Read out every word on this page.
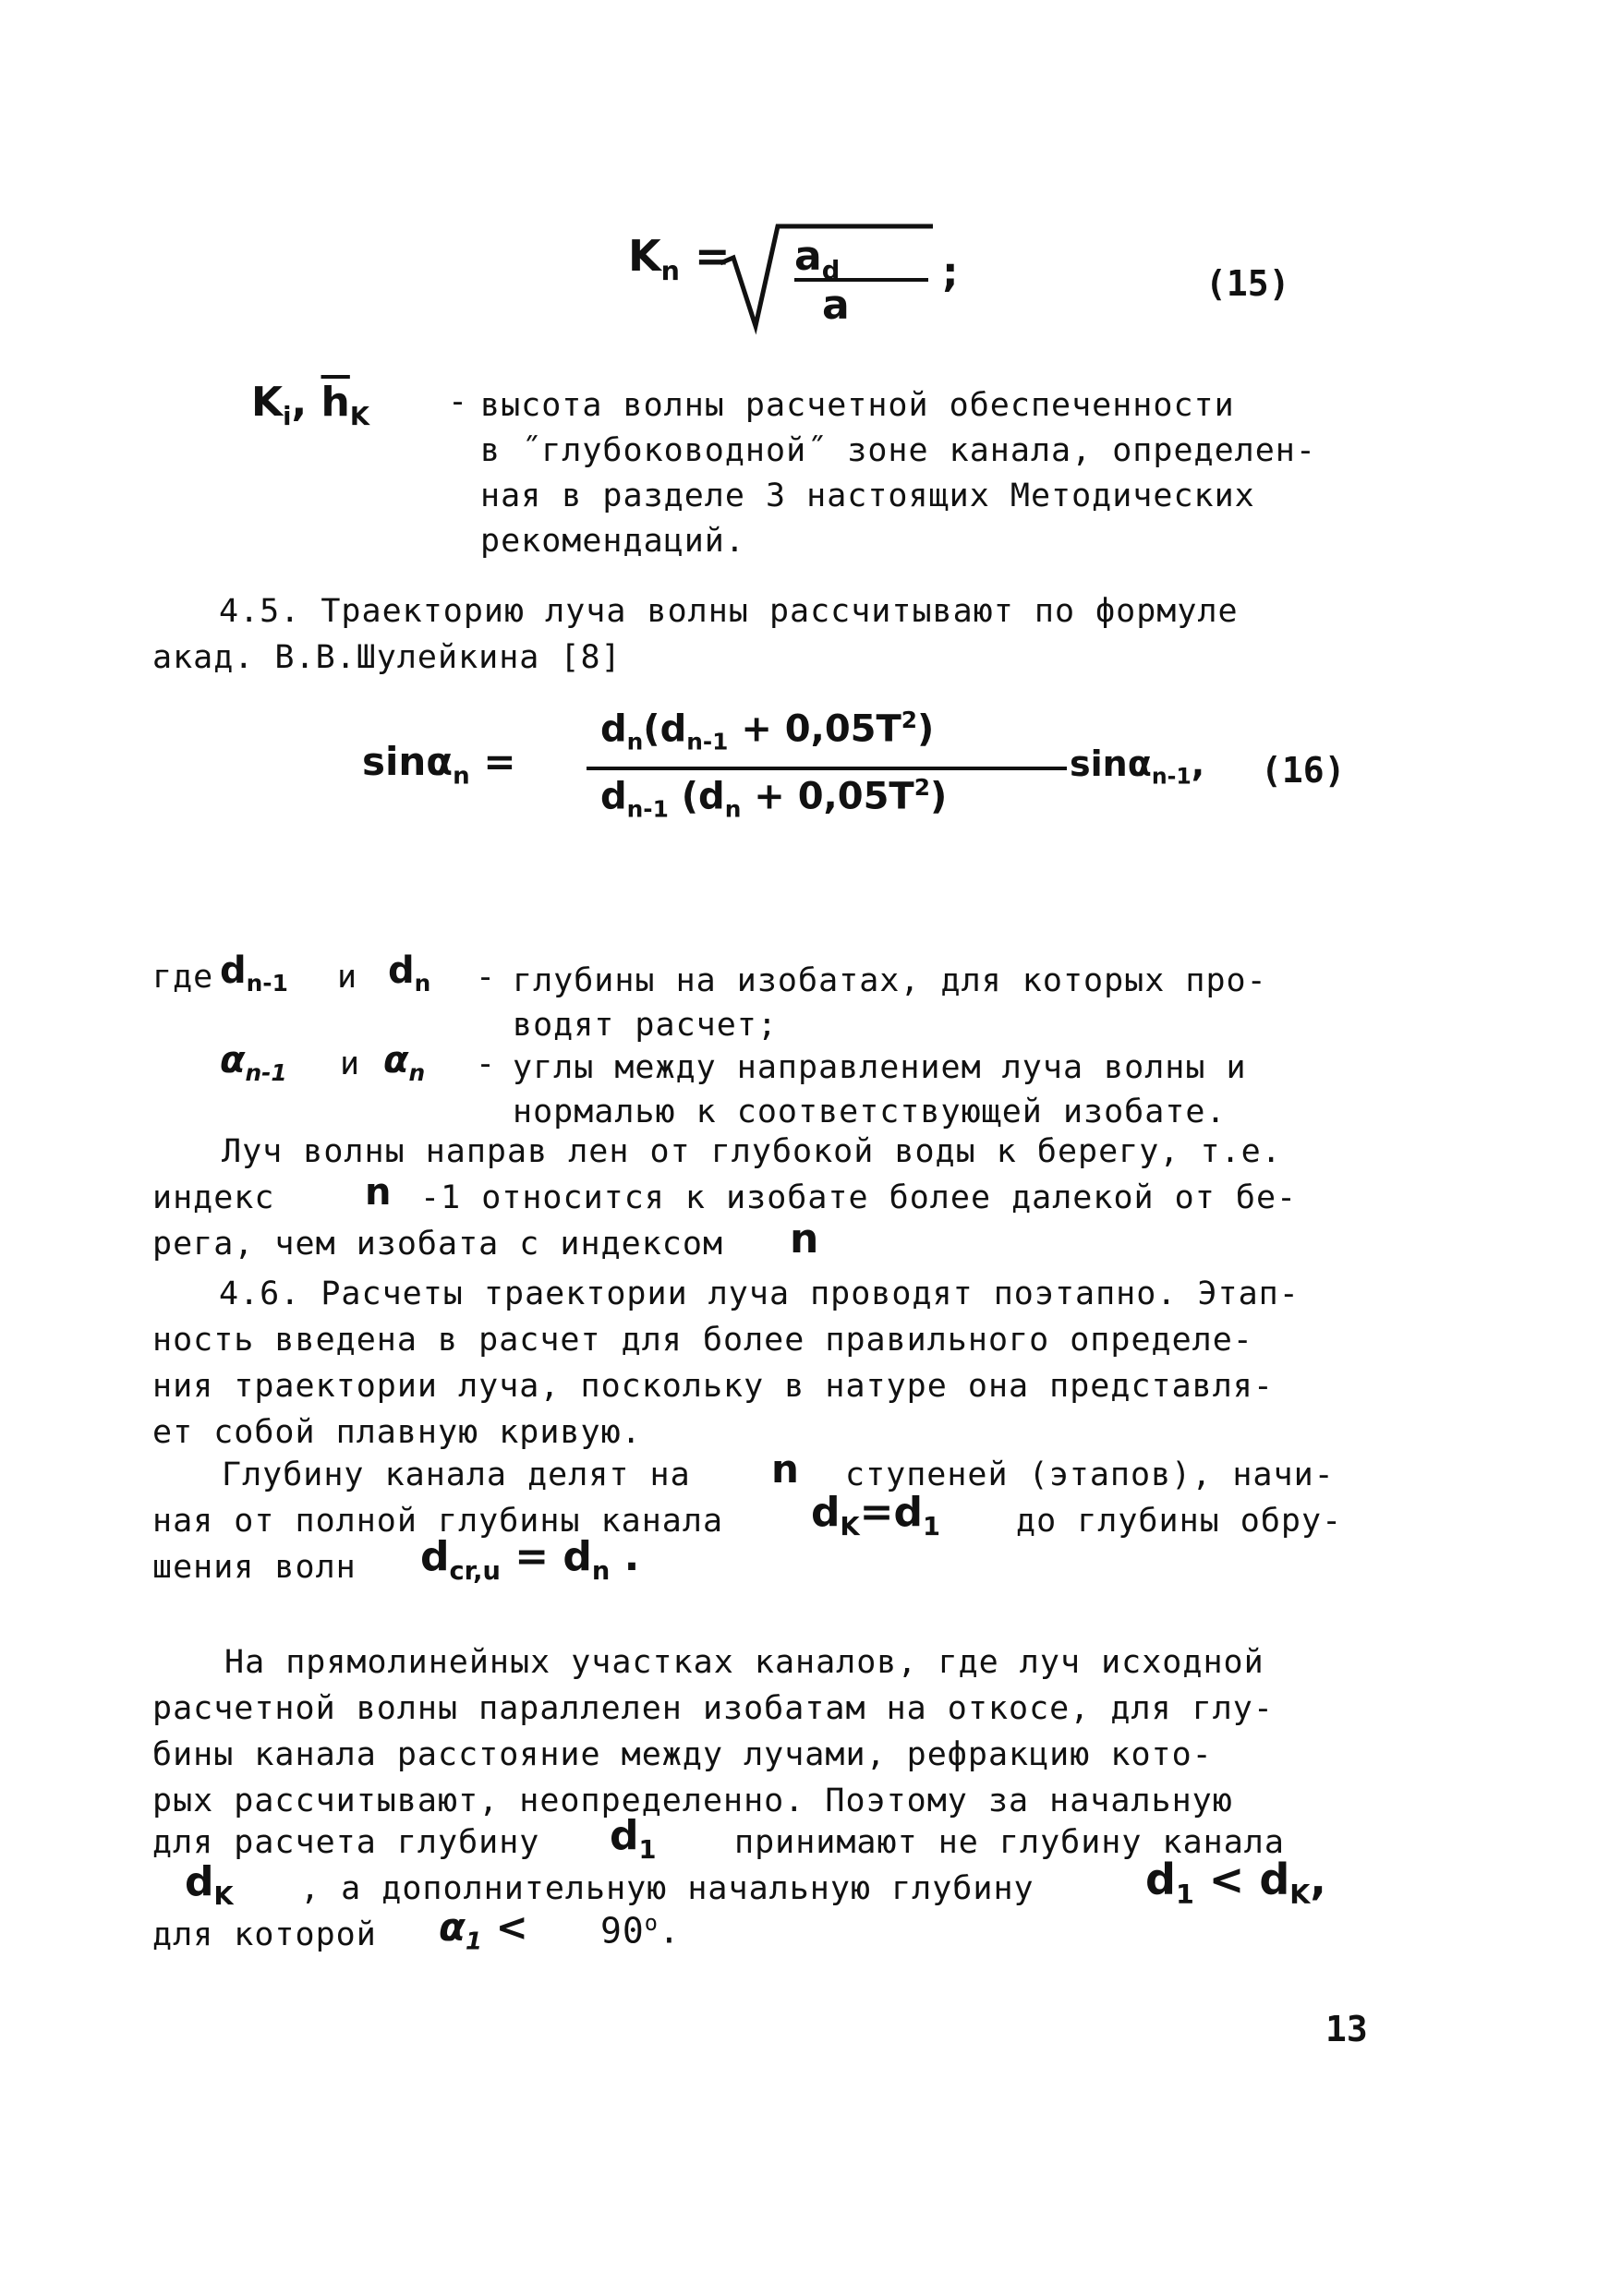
$K_n = a_d$
a
;	(15)
$K_i$, $\overline{h}_K$ - высота волны расчетной обеспеченности
в ˝глубоководной˝ зоне канала, определен-
ная в разделе 3 настоящих Методических
рекомендаций.
4.5. Траекторию луча волны рассчитывают по формуле
акад. В.В.Шулейкина [8]
sinα$_n$ =
$d_n(d_{n-1} + 0,05T^2)$
$d_{n-1}$ $(d_n + 0,05T^2)$
sinα$_{n-1}$, (16)
где $d_{n-1}$ и $d_n$ - глубины на изобатах, для которых про-
водят расчет;
$\alpha_{n-1}$ и $\alpha_n$ - углы между направлением луча волны и
нормалью к соответствующей изобате.
Луч волны направ лен от глубокой воды к берегу, т.е.
индекс n -1 относится к изобате более далекой от бе-
рега, чем изобата с индексом n
4.6. Расчеты траектории луча проводят поэтапно. Этап-
ность введена в расчет для более правильного определе-
ния траектории луча, поскольку в натуре она представля-
ет собой плавную кривую.
Глубину канала делят на n ступеней (этапов), начи-
ная от полной глубины канала $d_K=d_1$ до глубины обру-
шения волн $d_{cr,u} = d_n$ .
На прямолинейных участках каналов, где луч исходной
расчетной волны параллелен изобатам на откосе, для глу-
бины канала расстояние между лучами, рефракцию кото-
рых рассчитывают, неопределенно. Поэтому за начальную
для расчета глубину $d_1$ принимают не глубину канала
$d_K$ , а дополнительную начальную глубину	$d_1 < d_K$,
для которой $\alpha_1 < 90^o$.
13
